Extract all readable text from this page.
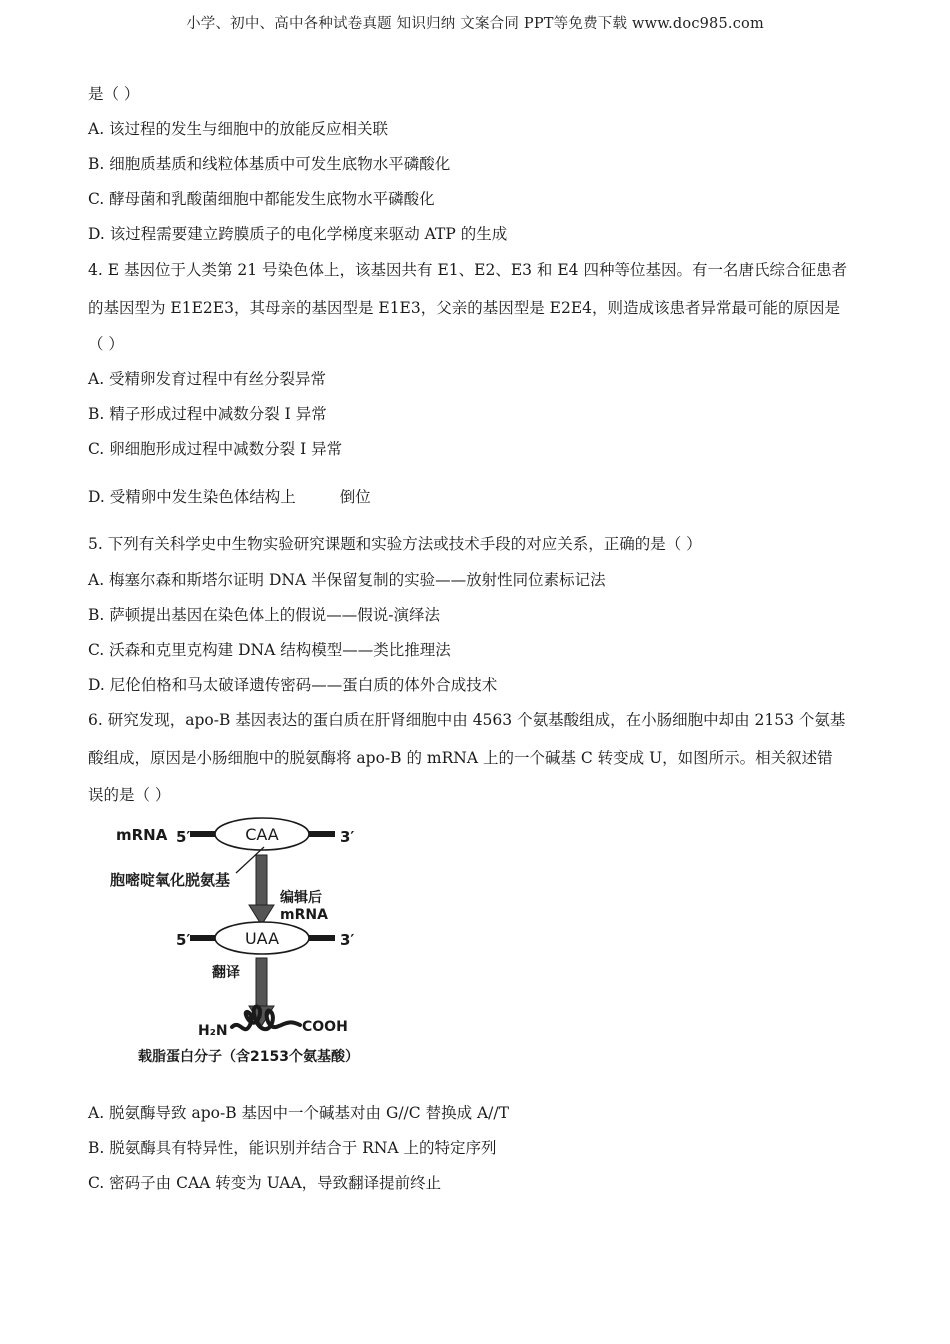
小学、初中、高中各种试卷真题 知识归纳 文案合同 PPT等免费下载 www.doc985.com
是（ ）
A. 该过程的发生与细胞中的放能反应相关联
B. 细胞质基质和线粒体基质中可发生底物水平磷酸化
C. 酵母菌和乳酸菌细胞中都能发生底物水平磷酸化
D. 该过程需要建立跨膜质子的电化学梯度来驱动 ATP 的生成
4. E 基因位于人类第 21 号染色体上，该基因共有 E1、E2、E3 和 E4 四种等位基因。有一名唐氏综合征患者
的基因型为 E1E2E3，其母亲的基因型是 E1E3，父亲的基因型是 E2E4，则造成该患者异常最可能的原因是
（ ）
A. 受精卵发育过程中有丝分裂异常
B. 精子形成过程中减数分裂 I 异常
C. 卵细胞形成过程中减数分裂 I 异常
D. 受精卵中发生染色体结构上	倒位
5. 下列有关科学史中生物实验研究课题和实验方法或技术手段的对应关系，正确的是（ ）
A. 梅塞尔森和斯塔尔证明 DNA 半保留复制的实验——放射性同位素标记法
B. 萨顿提出基因在染色体上的假说——假说-演绎法
C. 沃森和克里克构建 DNA 结构模型——类比推理法
D. 尼伦伯格和马太破译遗传密码——蛋白质的体外合成技术
6. 研究发现，apo-B 基因表达的蛋白质在肝肾细胞中由 4563 个氨基酸组成，在小肠细胞中却由 2153 个氨基
酸组成，原因是小肠细胞中的脱氨酶将 apo-B 的 mRNA 上的一个碱基 C 转变成 U，如图所示。相关叙述错
误的是（ ）
mRNA 5′	CAA	3′
胞嘧啶氧化脱氨基
编辑后
mRNA
5′	UAA	3′
翻译
H₂N	COOH
载脂蛋白分子（含2153个氨基酸）
A. 脱氨酶导致 apo-B 基因中一个碱基对由 G//C 替换成 A//T
B. 脱氨酶具有特异性，能识别并结合于 RNA 上的特定序列
C. 密码子由 CAA 转变为 UAA，导致翻译提前终止
